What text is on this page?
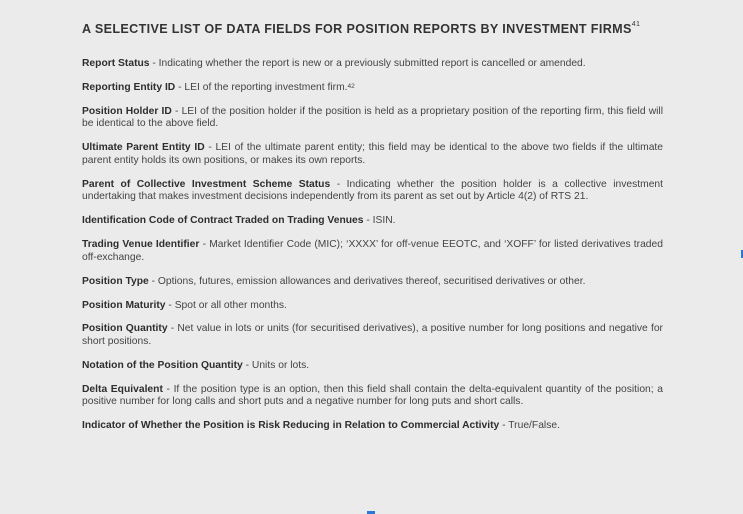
A SELECTIVE LIST OF DATA FIELDS FOR POSITION REPORTS BY INVESTMENT FIRMS$^{41}$
Report Status - Indicating whether the report is new or a previously submitted report is cancelled or amended.
Reporting Entity ID - LEI of the reporting investment firm.$^{42}$
Position Holder ID - LEI of the position holder if the position is held as a proprietary position of the reporting firm, this field will be identical to the above field.
Ultimate Parent Entity ID - LEI of the ultimate parent entity; this field may be identical to the above two fields if the ultimate parent entity holds its own positions, or makes its own reports.
Parent of Collective Investment Scheme Status - Indicating whether the position holder is a collective investment undertaking that makes investment decisions independently from its parent as set out by Article 4(2) of RTS 21.
Identification Code of Contract Traded on Trading Venues - ISIN.
Trading Venue Identifier - Market Identifier Code (MIC); ‘XXXX’ for off-venue EEOTC, and ‘XOFF’ for listed derivatives traded off-exchange.
Position Type - Options, futures, emission allowances and derivatives thereof, securitised derivatives or other.
Position Maturity - Spot or all other months.
Position Quantity - Net value in lots or units (for securitised derivatives), a positive number for long positions and negative for short positions.
Notation of the Position Quantity - Units or lots.
Delta Equivalent - If the position type is an option, then this field shall contain the delta-equivalent quantity of the position; a positive number for long calls and short puts and a negative number for long puts and short calls.
Indicator of Whether the Position is Risk Reducing in Relation to Commercial Activity - True/False.
